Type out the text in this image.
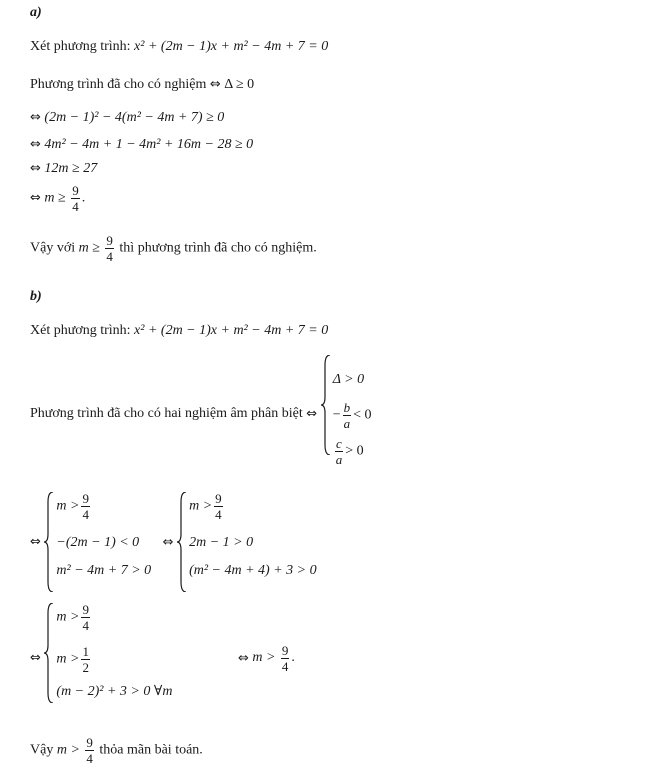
a)
Xét phương trình: x² + (2m − 1)x + m² − 4m + 7 = 0
Phương trình đã cho có nghiệm ⇔ Δ ≥ 0
⇔ (2m − 1)² − 4(m² − 4m + 7) ≥ 0
⇔ 4m² − 4m + 1 − 4m² + 16m − 28 ≥ 0
⇔ 12m ≥ 27
⇔ $m \ge \frac{9}{4}$ .
Vậy với $m \ge \frac{9}{4}$ thì phương trình đã cho có nghiệm.
b)
Xét phương trình: x² + (2m − 1)x + m² − 4m + 7 = 0
Phương trình đã cho có hai nghiệm âm phân biệt ⇔
Δ > 0
− $\frac{b}{a} < 0$
$\frac{c}{a} > 0$
⇔
$m > \frac{9}{4}$
−(2m − 1) < 0
m² − 4m + 7 > 0
⇔
$m > \frac{9}{4}$
2m − 1 > 0
(m² − 4m + 4) + 3 > 0
⇔
$m > \frac{9}{4}$
$m > \frac{1}{2}$
(m − 2)² + 3 > 0 ∀m
⇔ $m > \frac{9}{4}$ .
Vậy $m > \frac{9}{4}$ thỏa mãn bài toán.
